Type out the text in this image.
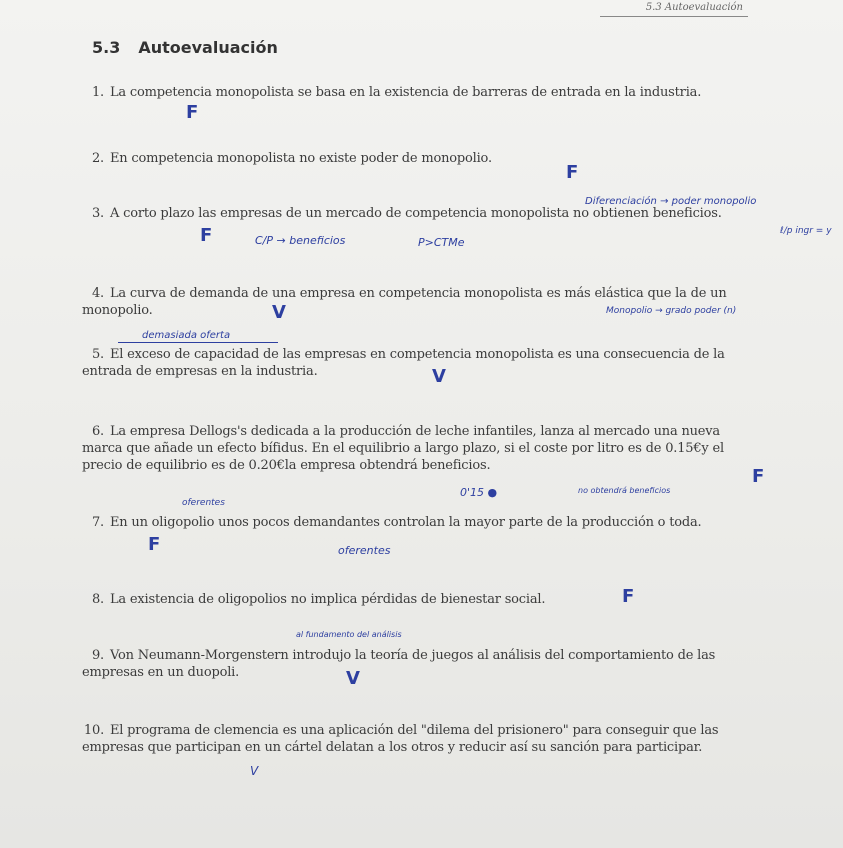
5.3 Autoevaluación
5.3 Autoevaluación
1. La competencia monopolista se basa en la existencia de barreras de entrada en la industria.
F
2. En competencia monopolista no existe poder de monopolio.
F
Diferenciación → poder monopolio
3. A corto plazo las empresas de un mercado de competencia monopolista no obtienen beneficios.
F	C/P → beneficios	P>CTMe
ℓ/p ingr = y
4. La curva de demanda de una empresa en competencia monopolista es más elástica que la de un monopolio.	V	Monopolio → grado poder (n)
demasiada oferta
5. El exceso de capacidad de las empresas en competencia monopolista es una consecuencia de la entrada de empresas en la industria.	V
6. La empresa Dellogs's dedicada a la producción de leche infantiles, lanza al mercado una nueva marca que añade un efecto bífidus. En el equilibrio a largo plazo, si el coste por litro es de 0.15€y el precio de equilibrio es de 0.20€la empresa obtendrá beneficios.
F
0'15 ●	no obtendrá beneficios
oferentes
7. En un oligopolio unos pocos demandantes controlan la mayor parte de la producción o toda.
F	oferentes
8. La existencia de oligopolios no implica pérdidas de bienestar social.	F
al fundamento del análisis
9. Von Neumann-Morgenstern introdujo la teoría de juegos al análisis del comportamiento de las empresas en un duopoli.	V
10. El programa de clemencia es una aplicación del "dilema del prisionero" para conseguir que las empresas que participan en un cártel delatan a los otros y reducir así su sanción para participar.
V
